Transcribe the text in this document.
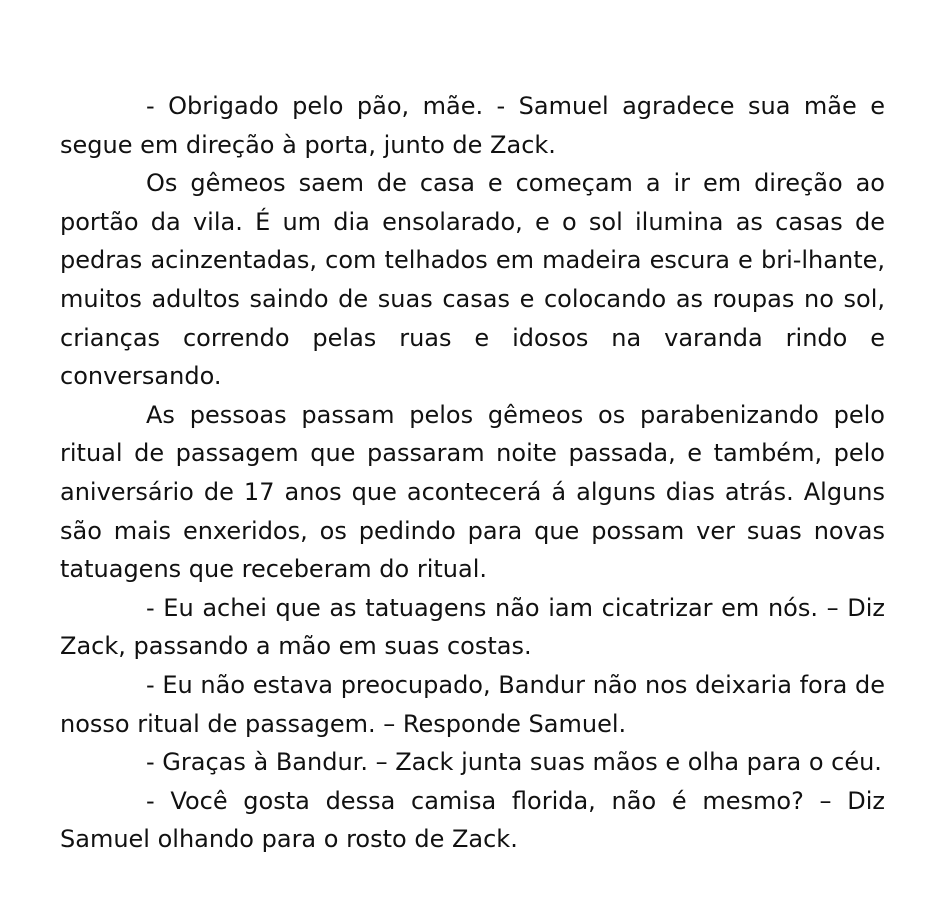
- Obrigado pelo pão, mãe. - Samuel agradece sua mãe e segue em direção à porta, junto de Zack.

Os gêmeos saem de casa e começam a ir em direção ao portão da vila. É um dia ensolarado, e o sol ilumina as casas de pedras acinzentadas, com telhados em madeira escura e bri-lhante, muitos adultos saindo de suas casas e colocando as roupas no sol, crianças correndo pelas ruas e idosos na varanda rindo e conversando.

As pessoas passam pelos gêmeos os parabenizando pelo ritual de passagem que passaram noite passada, e também, pelo aniversário de 17 anos que acontecerá á alguns dias atrás. Alguns são mais enxeridos, os pedindo para que possam ver suas novas tatuagens que receberam do ritual.

- Eu achei que as tatuagens não iam cicatrizar em nós. – Diz Zack, passando a mão em suas costas.

- Eu não estava preocupado, Bandur não nos deixaria fora de nosso ritual de passagem. – Responde Samuel.

- Graças à Bandur. – Zack junta suas mãos e olha para o céu.

- Você gosta dessa camisa florida, não é mesmo? – Diz Samuel olhando para o rosto de Zack.
